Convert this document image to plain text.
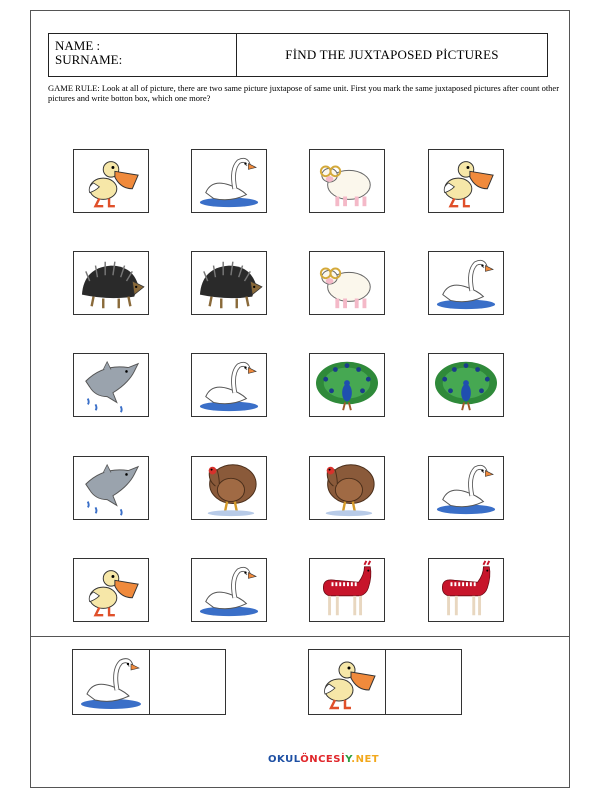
NAME :
SURNAME:	FİND THE JUXTAPOSED PİCTURES
GAME RULE: Look at all of picture, there are two same picture juxtapose of same unit. First you mark the same juxtaposed pictures after count other pictures and write botton box, which one more?
OKULÖNCESİY.NET
